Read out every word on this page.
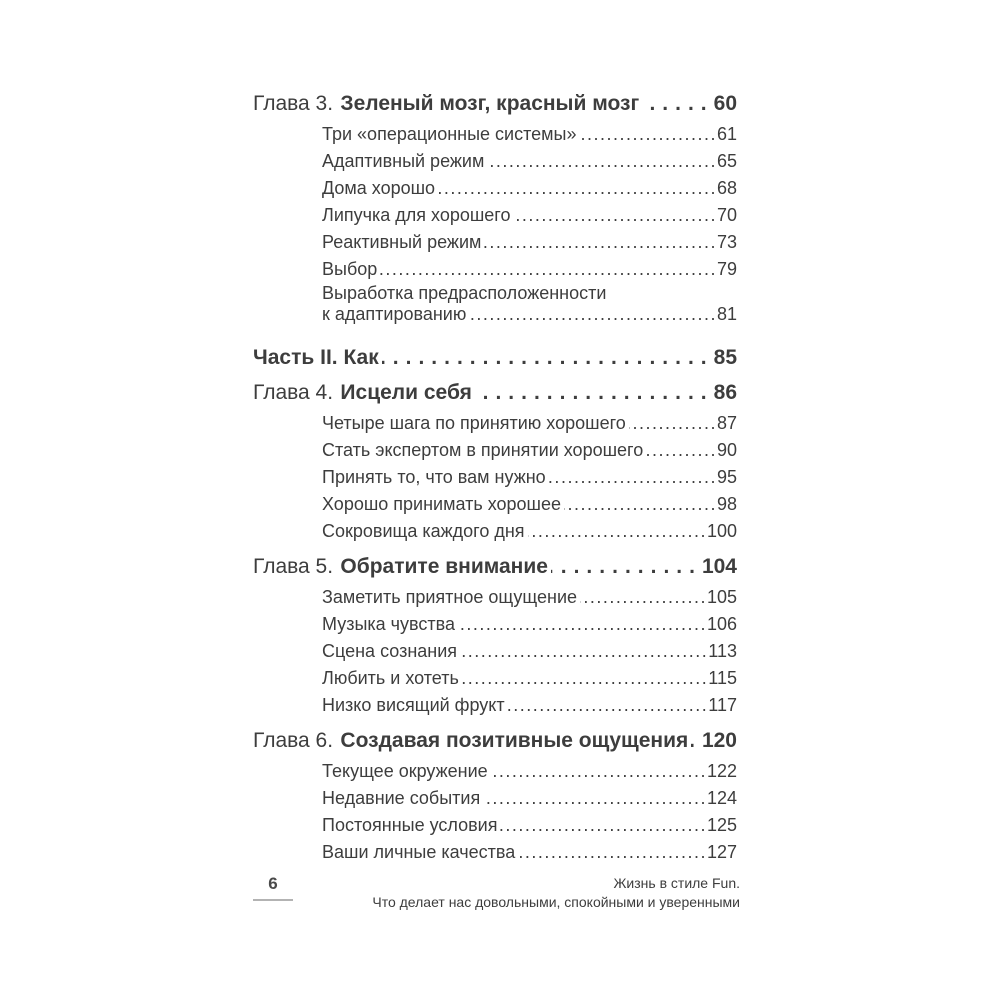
Глава 3. Зеленый мозг, красный мозг .....	60
Три «операционные системы» .....	61
Адаптивный режим .....	65
Дома хорошо .....	68
Липучка для хорошего .....	70
Реактивный режим .....	73
Выбор .....	79
Выработка предрасположенности
к адаптированию .....	81
Часть II. Как .....	85
Глава 4. Исцели себя .....	86
Четыре шага по принятию хорошего .....	87
Стать экспертом в принятии хорошего .....	90
Принять то, что вам нужно .....	95
Хорошо принимать хорошее .....	98
Сокровища каждого дня .....	100
Глава 5. Обратите внимание .....	104
Заметить приятное ощущение .....	105
Музыка чувства .....	106
Сцена сознания .....	113
Любить и хотеть .....	115
Низко висящий фрукт .....	117
Глава 6. Создавая позитивные ощущения ..... 120
Текущее окружение .....	122
Недавние события .....	124
Постоянные условия .....	125
Ваши личные качества .....	127
6	Жизнь в стиле Fun.
Что делает нас довольными, спокойными и уверенными
